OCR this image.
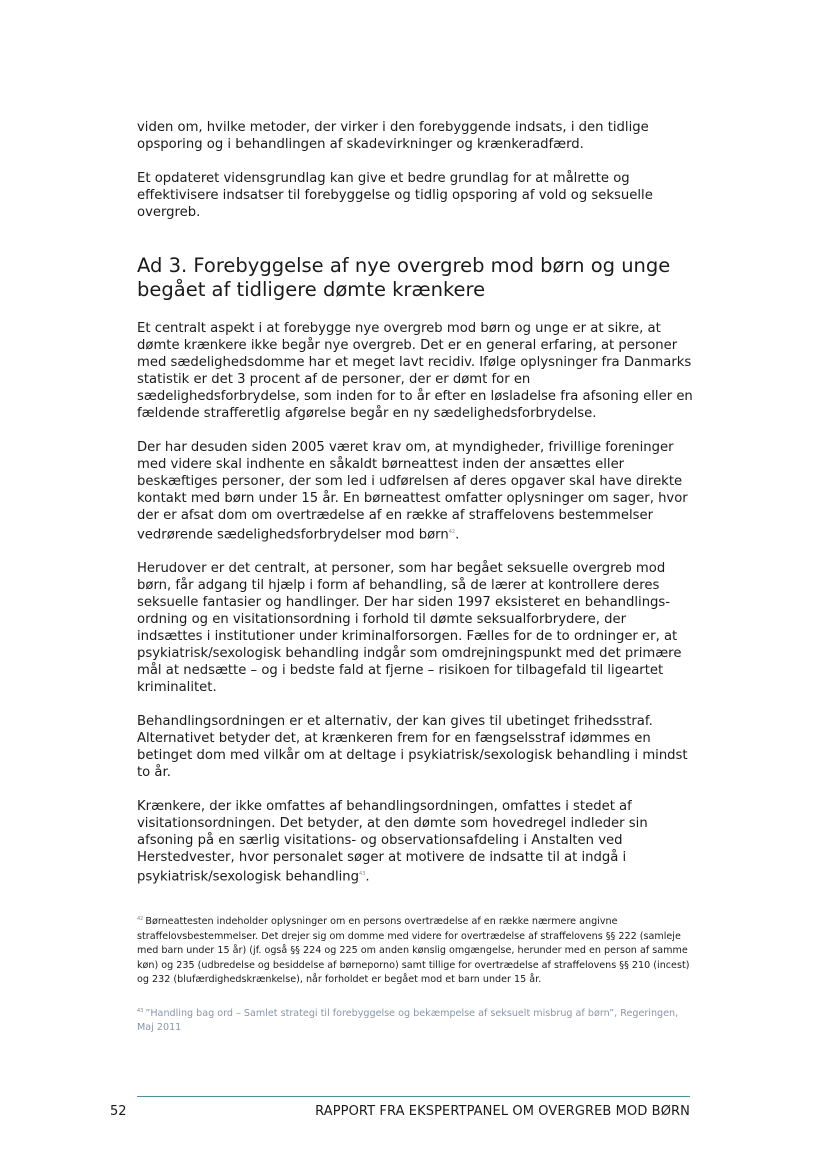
viden om, hvilke metoder, der virker i den forebyggende indsats, i den tidlige opsporing og i behandlingen af skadevirkninger og krænkeradfærd.

Et opdateret vidensgrundlag kan give et bedre grundlag for at målrette og effektivisere indsatser til forebyggelse og tidlig opsporing af vold og seksuelle overgreb.

Ad 3. Forebyggelse af nye overgreb mod børn og unge begået af tidligere dømte krænkere

Et centralt aspekt i at forebygge nye overgreb mod børn og unge er at sikre, at dømte krænkere ikke begår nye overgreb. Det er en general erfaring, at personer med sædelighedsdomme har et meget lavt recidiv. Ifølge oplysninger fra Danmarks statistik er det 3 procent af de personer, der er dømt for en sædelighedsforbrydelse, som inden for to år efter en løsladelse fra afsoning eller en fældende strafferetlig afgørelse begår en ny sædelighedsforbrydelse.

Der har desuden siden 2005 været krav om, at myndigheder, frivillige foreninger med videre skal indhente en såkaldt børneattest inden der ansættes eller beskæftiges personer, der som led i udførelsen af deres opgaver skal have direkte kontakt med børn under 15 år. En børneattest omfatter oplysninger om sager, hvor der er afsat dom om overtrædelse af en række af straffelovens bestemmelser vedrørende sædelighedsforbrydelser mod børn$^{42}$.

Herudover er det centralt, at personer, som har begået seksuelle overgreb mod børn, får adgang til hjælp i form af behandling, så de lærer at kontrollere deres seksuelle fantasier og handlinger. Der har siden 1997 eksisteret en behandlings-ordning og en visitationsordning i forhold til dømte seksualforbrydere, der indsættes i institutioner under kriminalforsorgen. Fælles for de to ordninger er, at psykiatrisk/sexologisk behandling indgår som omdrejningspunkt med det primære mål at nedsætte – og i bedste fald at fjerne – risikoen for tilbagefald til ligeartet kriminalitet.

Behandlingsordningen er et alternativ, der kan gives til ubetinget frihedsstraf. Alternativet betyder det, at krænkeren frem for en fængselsstraf idømmes en betinget dom med vilkår om at deltage i psykiatrisk/sexologisk behandling i mindst to år.

Krænkere, der ikke omfattes af behandlingsordningen, omfattes i stedet af visitationsordningen. Det betyder, at den dømte som hovedregel indleder sin afsoning på en særlig visitations- og observationsafdeling i Anstalten ved Herstedvester, hvor personalet søger at motivere de indsatte til at indgå i psykiatrisk/sexologisk behandling$^{43}$.

$^{42}$ Børneattesten indeholder oplysninger om en persons overtrædelse af en række nærmere angivne straffelovsbestemmelser. Det drejer sig om domme med videre for overtrædelse af straffelovens §§ 222 (samleje med barn under 15 år) (jf. også §§ 224 og 225 om anden kønslig omgængelse, herunder med en person af samme køn) og 235 (udbredelse og besiddelse af børneporno) samt tillige for overtrædelse af straffelovens §§ 210 (incest) og 232 (blufærdighedskrænkelse), når forholdet er begået mod et barn under 15 år.

$^{43}$ ”Handling bag ord – Samlet strategi til forebyggelse og bekæmpelse af seksuelt misbrug af børn”, Regeringen, Maj 2011

52	RAPPORT FRA EKSPERTPANEL OM OVERGREB MOD BØRN
